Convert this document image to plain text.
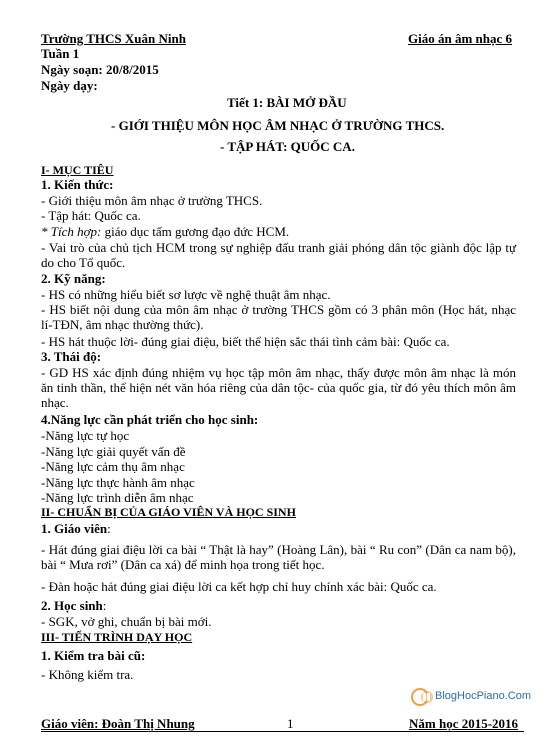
Trường THCS Xuân Ninh	Giáo án âm nhạc 6
Tuần 1
Ngày soạn: 20/8/2015
Ngày dạy:
Tiết 1: BÀI MỞ ĐẦU
- GIỚI THIỆU MÔN HỌC ÂM NHẠC Ở TRƯỜNG THCS.
- TẬP HÁT: QUỐC CA.
I- MỤC TIÊU
1. Kiến thức:
- Giới thiệu môn âm nhạc ở trường THCS.
- Tập hát: Quốc ca.
* Tích hợp: giáo dục tấm gương đạo đức HCM.
- Vai trò của chủ tịch HCM trong sự nghiệp đấu tranh giải phóng dân tộc giành độc lập tự do cho Tổ quốc.
2. Kỹ năng:
- HS có những hiểu biết sơ lược về nghệ thuật âm nhạc.
- HS biết nội dung của môn âm nhạc ở trường THCS gồm có 3 phân môn (Học hát, nhạc lí-TĐN, âm nhạc thường thức).
- HS hát thuộc lời- đúng giai điệu, biết thể hiện sắc thái tình cảm bài: Quốc ca.
3. Thái độ:
- GD HS xác định đúng nhiệm vụ học tập môn âm nhạc, thấy được môn âm nhạc là món ăn tinh thần, thể hiện nét văn hóa riêng của dân tộc- của quốc gia, từ đó yêu thích môn âm nhạc.
4.Năng lực cần phát triển cho học sinh:
-Năng lực tự học
-Năng lực giải quyết vấn đề
-Năng lực cảm thụ âm nhạc
-Năng lực thực hành âm nhạc
-Năng lực trình diễn âm nhạc
II- CHUẨN BỊ CỦA GIÁO VIÊN VÀ HỌC SINH
1. Giáo viên:
- Hát đúng giai điệu lời ca bài “ Thật là hay” (Hoàng Lân), bài “ Ru con” (Dân ca nam bộ), bài “ Mưa rơi” (Dân ca xá) để minh họa trong tiết học.
- Đàn hoặc hát đúng giai điệu lời ca kết hợp chỉ huy chính xác bài: Quốc ca.
2. Học sinh:
- SGK, vở ghi, chuẩn bị bài mới.
III- TIẾN TRÌNH DẠY HỌC
1. Kiểm tra bài cũ:
- Không kiểm tra.
BlogHocPiano.Com
Giáo viên: Đoàn Thị Nhung	1	Năm học 2015-2016
